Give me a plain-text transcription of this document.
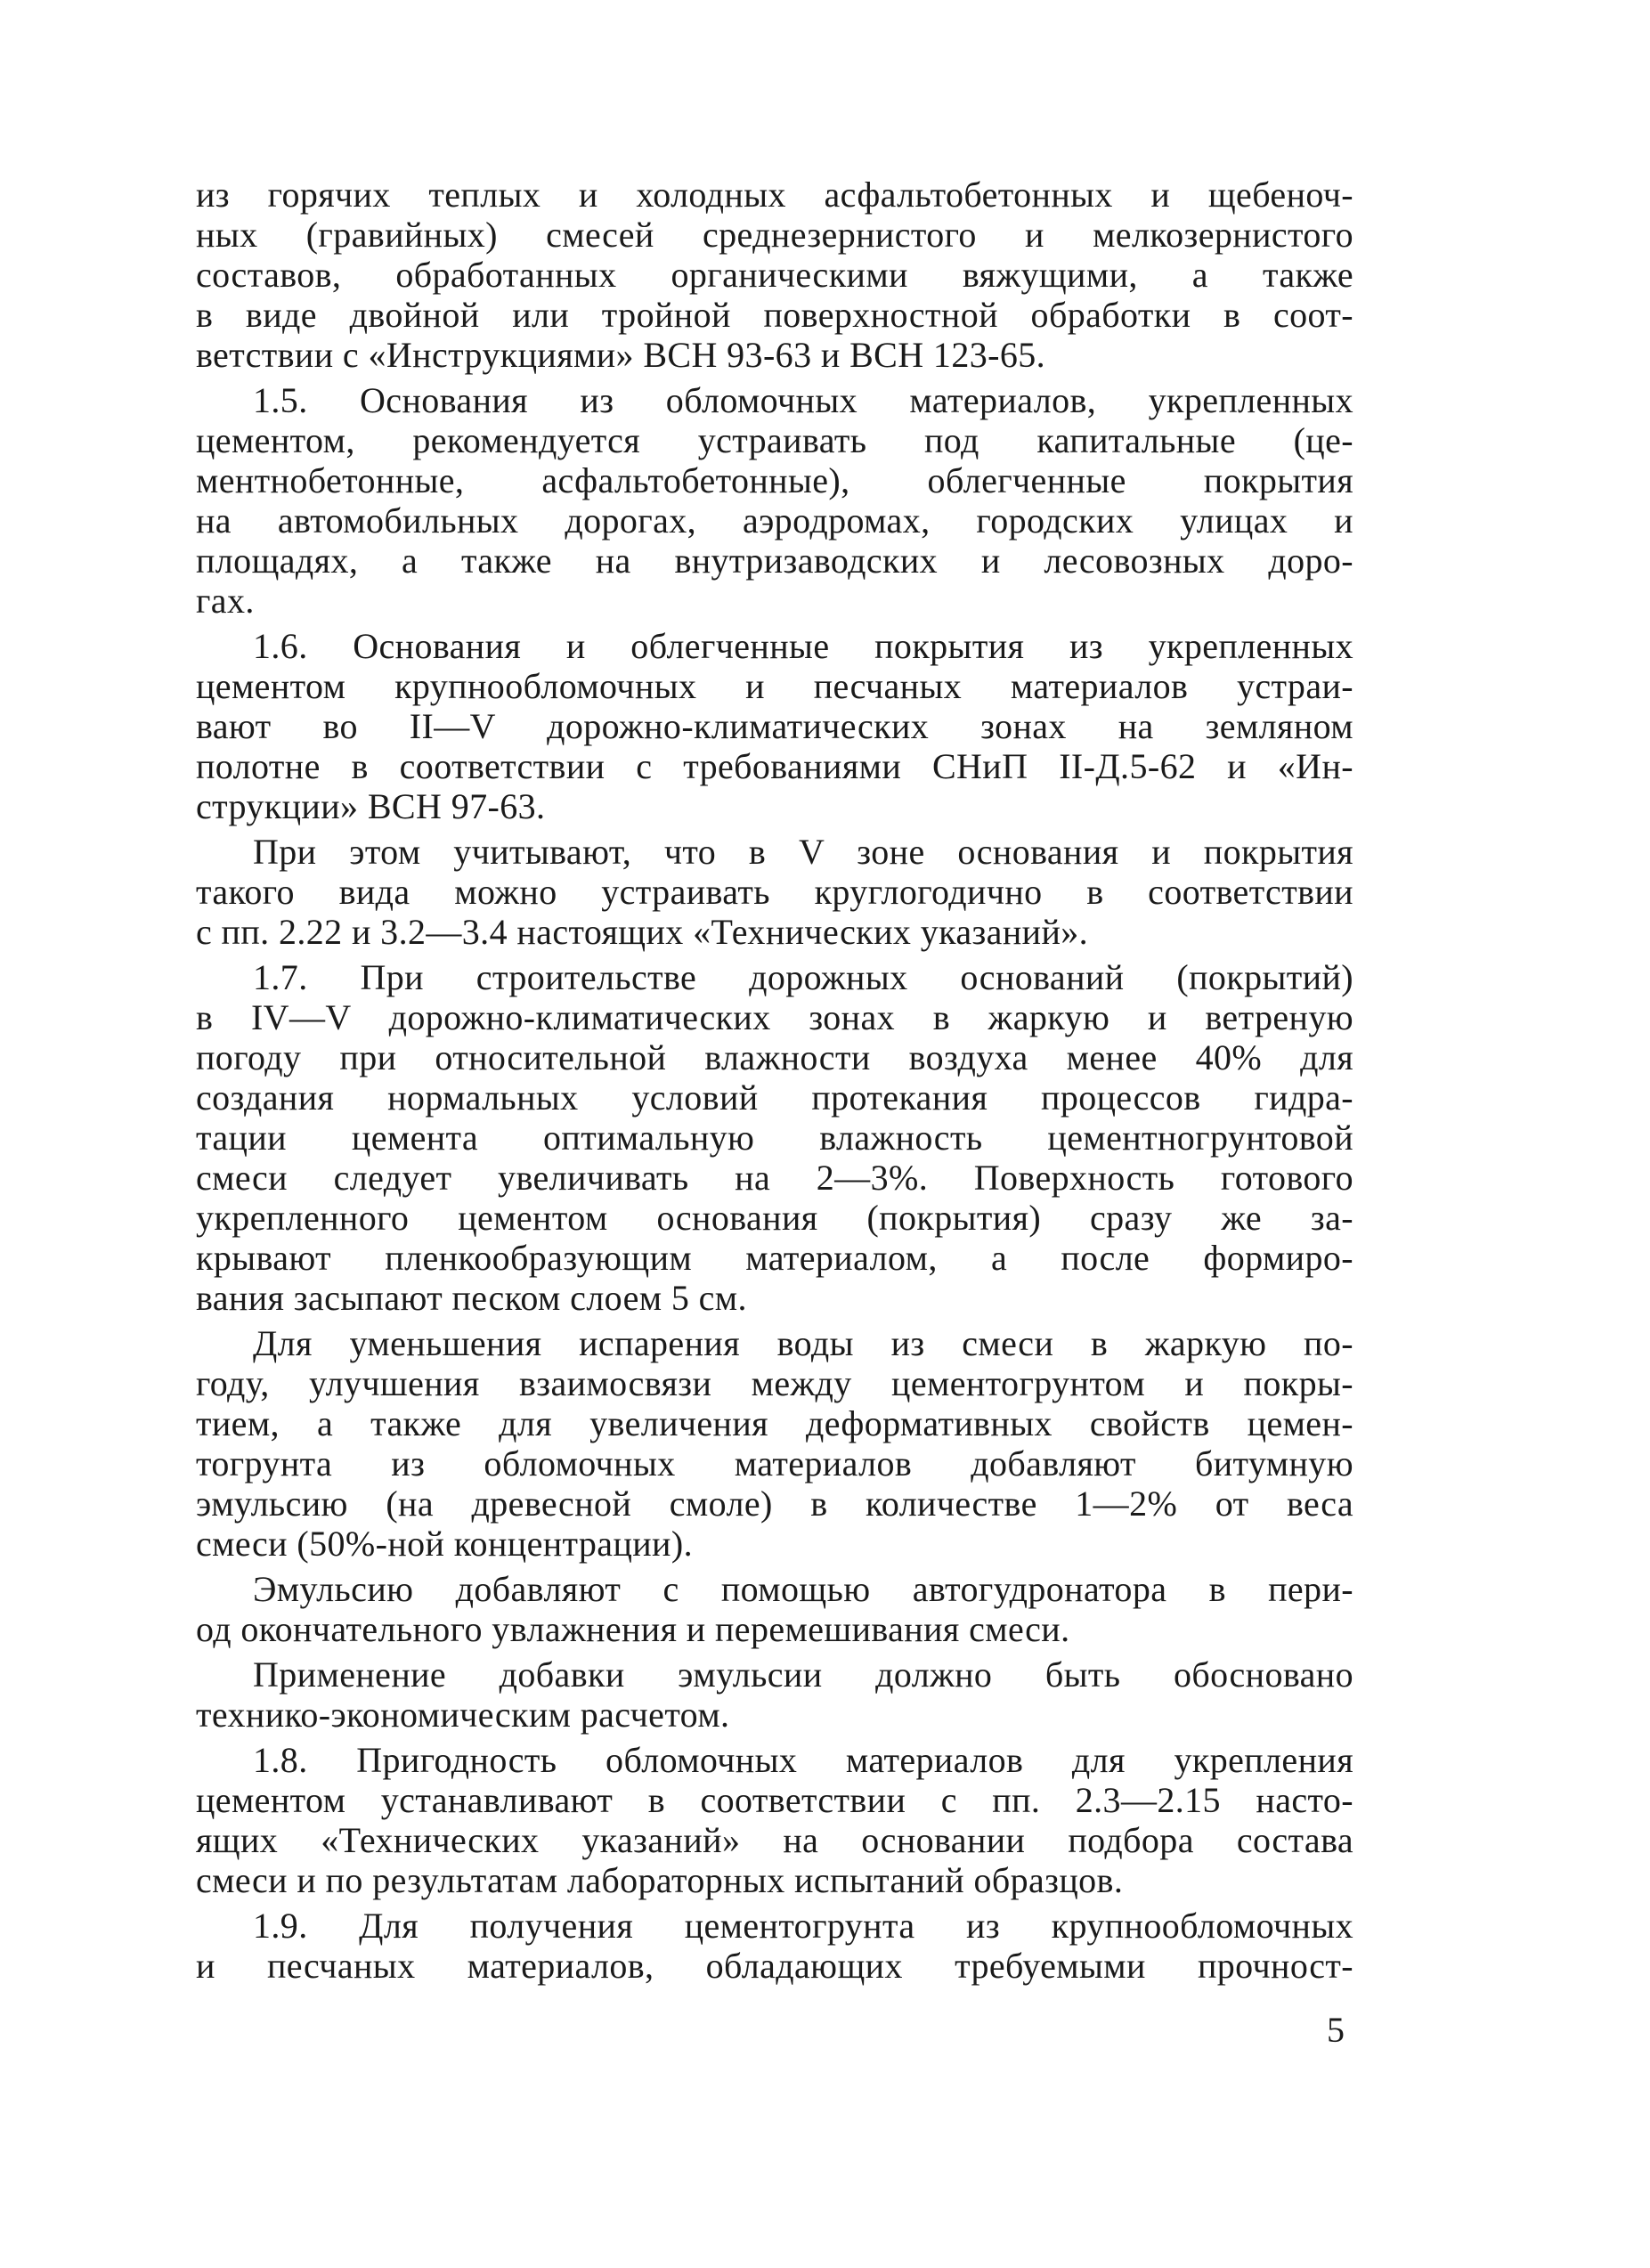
из горячих теплых и холодных асфальтобетонных и щебеноч-
ных (гравийных) смесей среднезернистого и мелкозернистого
составов, обработанных органическими вяжущими, а также
в виде двойной или тройной поверхностной обработки в соот-
ветствии с «Инструкциями» ВСН 93-63 и ВСН 123-65.
1.5. Основания из обломочных материалов, укрепленных
цементом, рекомендуется устраивать под капитальные (це-
ментнобетонные, асфальтобетонные), облегченные покрытия
на автомобильных дорогах, аэродромах, городских улицах и
площадях, а также на внутризаводских и лесовозных доро-
гах.
1.6. Основания и облегченные покрытия из укрепленных
цементом крупнообломочных и песчаных материалов устраи-
вают во II—V дорожно-климатических зонах на земляном
полотне в соответствии с требованиями СНиП II-Д.5-62 и «Ин-
струкции» ВСН 97-63.
При этом учитывают, что в V зоне основания и покрытия
такого вида можно устраивать круглогодично в соответствии
с пп. 2.22 и 3.2—3.4 настоящих «Технических указаний».
1.7. При строительстве дорожных оснований (покрытий)
в IV—V дорожно-климатических зонах в жаркую и ветреную
погоду при относительной влажности воздуха менее 40% для
создания нормальных условий протекания процессов гидра-
тации цемента оптимальную влажность цементногрунтовой
смеси следует увеличивать на 2—3%. Поверхность готового
укрепленного цементом основания (покрытия) сразу же за-
крывают пленкообразующим материалом, а после формиро-
вания засыпают песком слоем 5 см.
Для уменьшения испарения воды из смеси в жаркую по-
году, улучшения взаимосвязи между цементогрунтом и покры-
тием, а также для увеличения деформативных свойств цемен-
тогрунта из обломочных материалов добавляют битумную
эмульсию (на древесной смоле) в количестве 1—2% от веса
смеси (50%-ной концентрации).
Эмульсию добавляют с помощью автогудронатора в пери-
од окончательного увлажнения и перемешивания смеси.
Применение добавки эмульсии должно быть обосновано
технико-экономическим расчетом.
1.8. Пригодность обломочных материалов для укрепления
цементом устанавливают в соответствии с пп. 2.3—2.15 насто-
ящих «Технических указаний» на основании подбора состава
смеси и по результатам лабораторных испытаний образцов.
1.9. Для получения цементогрунта из крупнообломочных
и песчаных материалов, обладающих требуемыми прочност-
5
